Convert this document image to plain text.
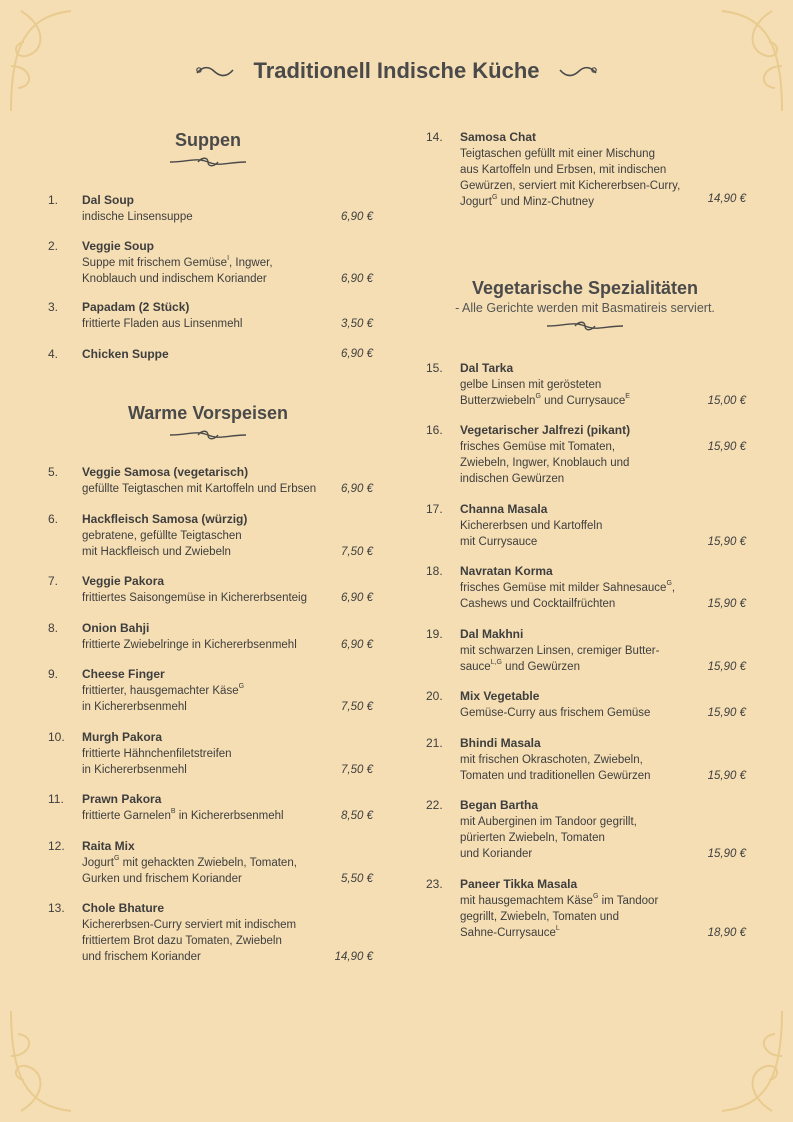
Traditionell Indische Küche
Suppen
Warme Vorspeisen
Vegetarische Spezialitäten
- Alle Gerichte werden mit Basmatireis serviert.
1. Dal Soup
indische Linsensuppe	6,90 €
2. Veggie Soup
Suppe mit frischem Gemüse$^I$, Ingwer,
Knoblauch und indischem Koriander	6,90 €
3. Papadam (2 Stück)
frittierte Fladen aus Linsenmehl	3,50 €
4. Chicken Suppe	6,90 €
5. Veggie Samosa (vegetarisch)
gefüllte Teigtaschen mit Kartoffeln und Erbsen 6,90 €
6. Hackfleisch Samosa (würzig)
gebratene, gefüllte Teigtaschen
mit Hackfleisch und Zwiebeln	7,50 €
7. Veggie Pakora
frittiertes Saisongemüse in Kichererbsenteig	6,90 €
8. Onion Bahji
frittierte Zwiebelringe in Kichererbsenmehl	6,90 €
9. Cheese Finger
frittierter, hausgemachter Käse$^G$
in Kichererbsenmehl	7,50 €
10. Murgh Pakora
frittierte Hähnchenfiletstreifen
in Kichererbsenmehl	7,50 €
11. Prawn Pakora
frittierte Garnelen$^B$ in Kichererbsenmehl	8,50 €
12. Raita Mix
Jogurt$^G$ mit gehackten Zwiebeln, Tomaten,
Gurken und frischem Koriander	5,50 €
13. Chole Bhature
Kichererbsen-Curry serviert mit indischem
frittiertem Brot dazu Tomaten, Zwiebeln
und frischem Koriander	14,90 €
14. Samosa Chat
Teigtaschen gefüllt mit einer Mischung
aus Kartoffeln und Erbsen, mit indischen
Gewürzen, serviert mit Kichererbsen-Curry,
Jogurt$^G$ und Minz-Chutney	14,90 €
15. Dal Tarka
gelbe Linsen mit gerösteten
Butterzwiebeln$^G$ und Currysauce$^E$	15,00 €
16. Vegetarischer Jalfrezi (pikant)
frisches Gemüse mit Tomaten,
Zwiebeln, Ingwer, Knoblauch und
indischen Gewürzen
15,90 €
17. Channa Masala
Kichererbsen und Kartoffeln
mit Currysauce	15,90 €
18. Navratan Korma
frisches Gemüse mit milder Sahnesauce$^G$,
Cashews und Cocktailfrüchten	15,90 €
19. Dal Makhni
mit schwarzen Linsen, cremiger Butter-
sauce$^{L,G}$ und Gewürzen	15,90 €
20. Mix Vegetable
Gemüse-Curry aus frischem Gemüse	15,90 €
21. Bhindi Masala
mit frischen Okraschoten, Zwiebeln,
Tomaten und traditionellen Gewürzen	15,90 €
22. Began Bartha
mit Auberginen im Tandoor gegrillt,
pürierten Zwiebeln, Tomaten
und Koriander	15,90 €
23. Paneer Tikka Masala
mit hausgemachtem Käse$^G$ im Tandoor
gegrillt, Zwiebeln, Tomaten und
Sahne-Currysauce$^L$	18,90 €
